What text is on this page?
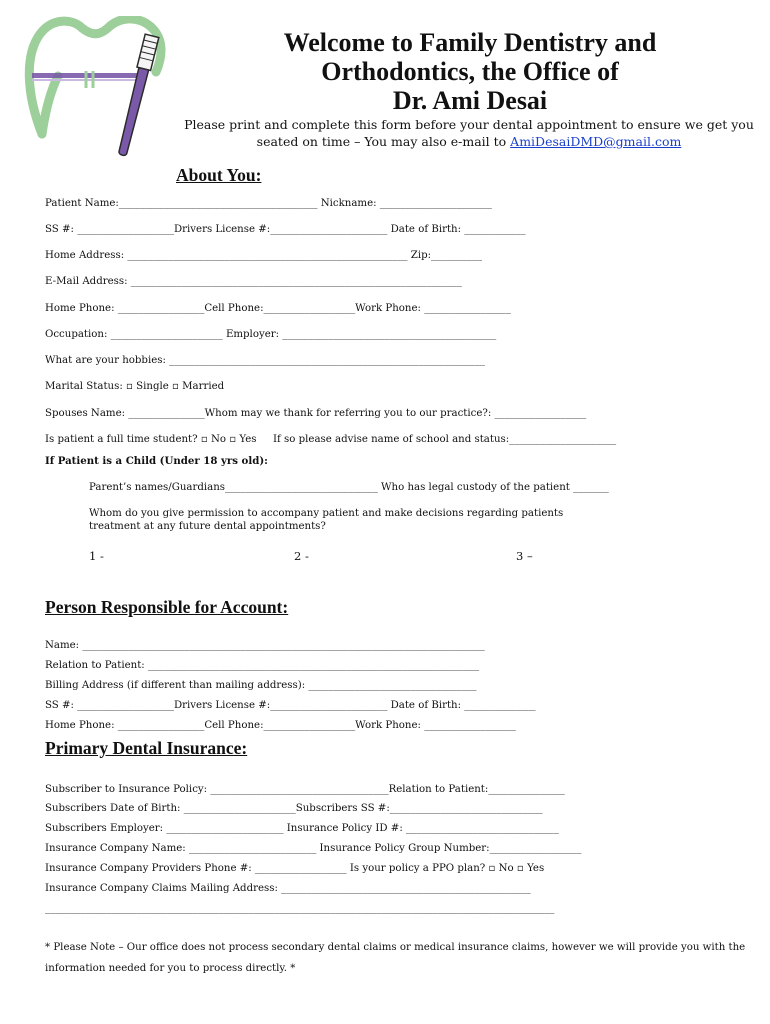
Welcome to Family Dentistry and
Orthodontics, the Office of
Dr. Ami Desai
Please print and complete this form before your dental appointment to ensure we get you
seated on time – You may also e-mail to AmiDesaiDMD@gmail.com
About You:
Patient Name:_______________________________________ Nickname: ______________________
SS #: ___________________Drivers License #:_______________________ Date of Birth: ____________
Home Address: _______________________________________________________ Zip:__________
E-Mail Address: _________________________________________________________________
Home Phone: _________________Cell Phone:__________________Work Phone: _________________
Occupation: ______________________ Employer: __________________________________________
What are your hobbies: ______________________________________________________________
Marital Status: ▫ Single ▫ Married
Spouses Name: _______________Whom may we thank for referring you to our practice?: __________________
Is patient a full time student? ▫ No ▫ Yes If so please advise name of school and status:_____________________
If Patient is a Child (Under 18 yrs old):
Parent’s names/Guardians______________________________ Who has legal custody of the patient _______
Whom do you give permission to accompany patient and make decisions regarding patients
treatment at any future dental appointments?
1 -	2 -	3 –
Person Responsible for Account:
Name: _______________________________________________________________________________
Relation to Patient: _________________________________________________________________
Billing Address (if different than mailing address): _________________________________
SS #: ___________________Drivers License #:_______________________ Date of Birth: ______________
Home Phone: _________________Cell Phone:__________________Work Phone: __________________
Primary Dental Insurance:
Subscriber to Insurance Policy: ___________________________________Relation to Patient:_______________
Subscribers Date of Birth: ______________________Subscribers SS #:______________________________
Subscribers Employer: _______________________ Insurance Policy ID #: ______________________________
Insurance Company Name: _________________________ Insurance Policy Group Number:__________________
Insurance Company Providers Phone #: __________________ Is your policy a PPO plan? ▫ No ▫ Yes
Insurance Company Claims Mailing Address: _________________________________________________
____________________________________________________________________________________________________
* Please Note – Our office does not process secondary dental claims or medical insurance claims, however we will provide you with the
information needed for you to process directly. *
